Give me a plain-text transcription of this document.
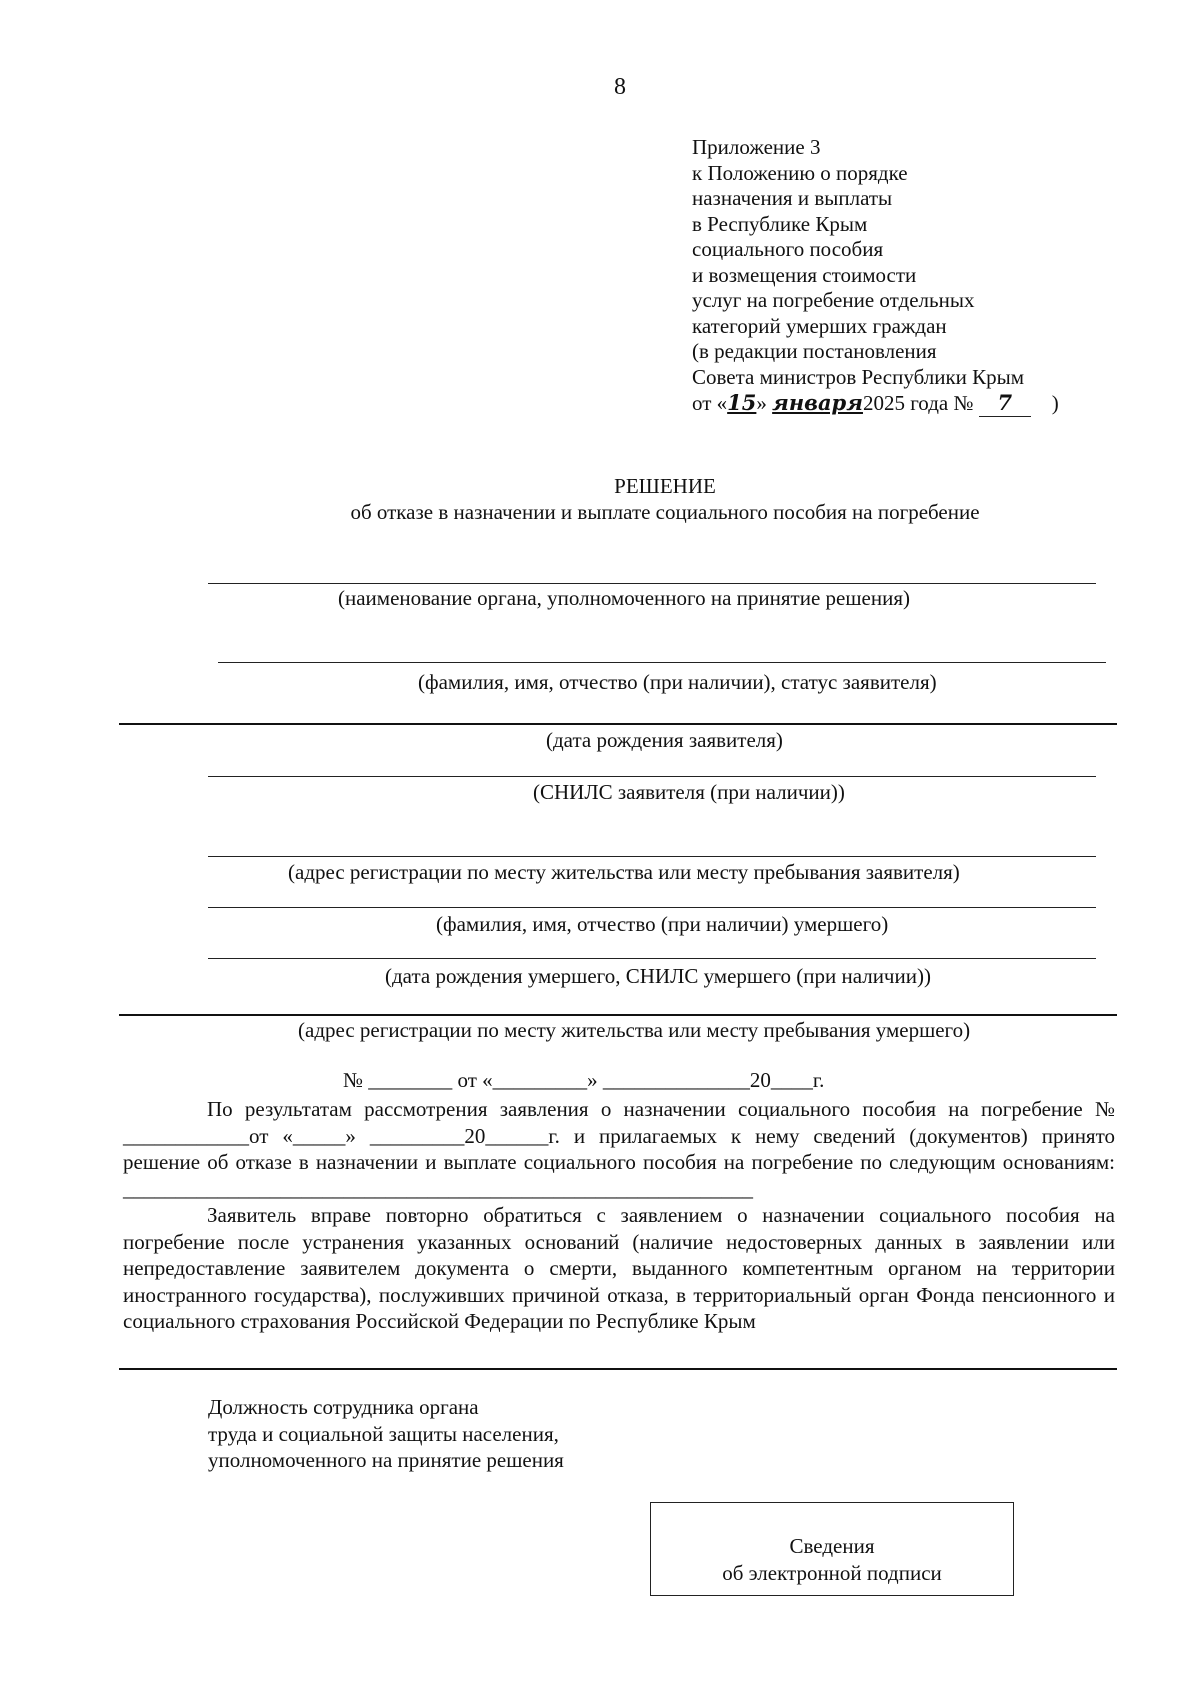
8
Приложение 3
к Положению о порядке
назначения и выплаты
в Республике Крым
социального пособия
и возмещения стоимости
услуг на погребение отдельных
категорий умерших граждан
(в редакции постановления
Совета министров Республики Крым
от «15» января2025 года № 7 )
РЕШЕНИЕ
об отказе в назначении и выплате социального пособия на погребение
(наименование органа, уполномоченного на принятие решения)
(фамилия, имя, отчество (при наличии), статус заявителя)
(дата рождения заявителя)
(СНИЛС заявителя (при наличии))
(адрес регистрации по месту жительства или месту пребывания заявителя)
(фамилия, имя, отчество (при наличии) умершего)
(дата рождения умершего, СНИЛС умершего (при наличии))
(адрес регистрации по месту жительства или месту пребывания умершего)
№ ________ от «_________» ______________20____г.

По результатам рассмотрения заявления о назначении социального пособия на погребение № ____________от «_____» _________20______г. и прилагаемых к нему сведений (документов) принято решение об отказе в назначении и выплате социального пособия на погребение по следующим основаниям: ____________________________________________________________

Заявитель вправе повторно обратиться с заявлением о назначении социального пособия на погребение после устранения указанных оснований (наличие недостоверных данных в заявлении или непредоставление заявителем документа о смерти, выданного компетентным органом на территории иностранного государства), послуживших причиной отказа, в территориальный орган Фонда пенсионного и социального страхования Российской Федерации по Республике Крым

Должность сотрудника органа
труда и социальной защиты населения,
уполномоченного на принятие решения
Сведения
об электронной подписи
